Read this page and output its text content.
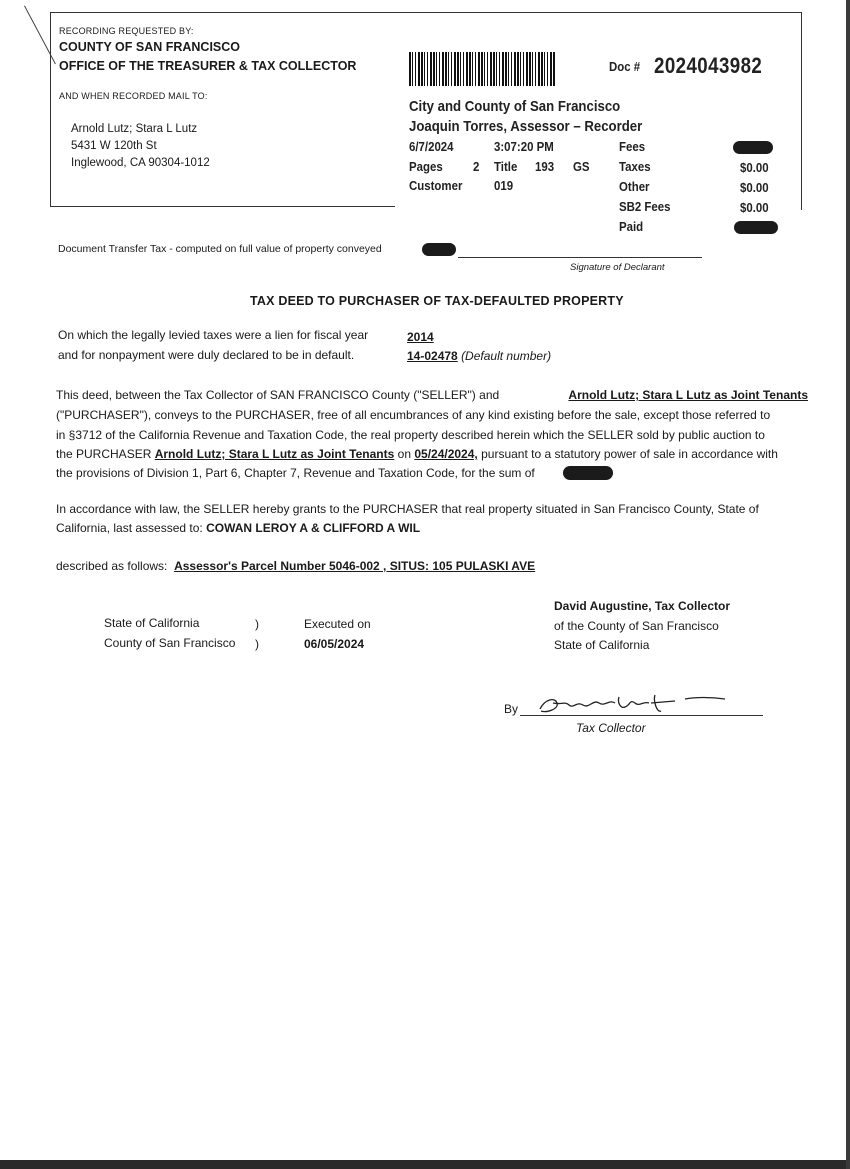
RECORDING REQUESTED BY:
COUNTY OF SAN FRANCISCO
OFFICE OF THE TREASURER & TAX COLLECTOR
AND WHEN RECORDED MAIL TO:
Arnold Lutz; Stara L Lutz
5431 W 120th St
Inglewood, CA 90304-1012
Doc # 2024043982
City and County of San Francisco
Joaquin Torres, Assessor – Recorder
6/7/2024	3:07:20 PM
Pages 2 Title 193 GS
Customer 019
Fees
Taxes
Other
SB2 Fees
Paid
$0.00
$0.00
$0.00
Document Transfer Tax - computed on full value of property conveyed
Signature of Declarant
TAX DEED TO PURCHASER OF TAX-DEFAULTED PROPERTY
On which the legally levied taxes were a lien for fiscal year
and for nonpayment were duly declared to be in default.
2014
14-02478 (Default number)
This deed, between the Tax Collector of SAN FRANCISCO County ("SELLER") and	Arnold Lutz; Stara L Lutz as Joint Tenants
("PURCHASER"), conveys to the PURCHASER, free of all encumbrances of any kind existing before the sale, except those referred to
in §3712 of the California Revenue and Taxation Code, the real property described herein which the SELLER sold by public auction to
the PURCHASER Arnold Lutz; Stara L Lutz as Joint Tenants on 05/24/2024, pursuant to a statutory power of sale in accordance with
the provisions of Division 1, Part 6, Chapter 7, Revenue and Taxation Code, for the sum of
In accordance with law, the SELLER hereby grants to the PURCHASER that real property situated in San Francisco County, State of
California, last assessed to: COWAN LEROY A & CLIFFORD A WIL
described as follows: Assessor's Parcel Number 5046-002 , SITUS: 105 PULASKI AVE
State of California
County of San Francisco
)
)
Executed on
06/05/2024
David Augustine, Tax Collector
of the County of San Francisco
State of California
By
Tax Collector
